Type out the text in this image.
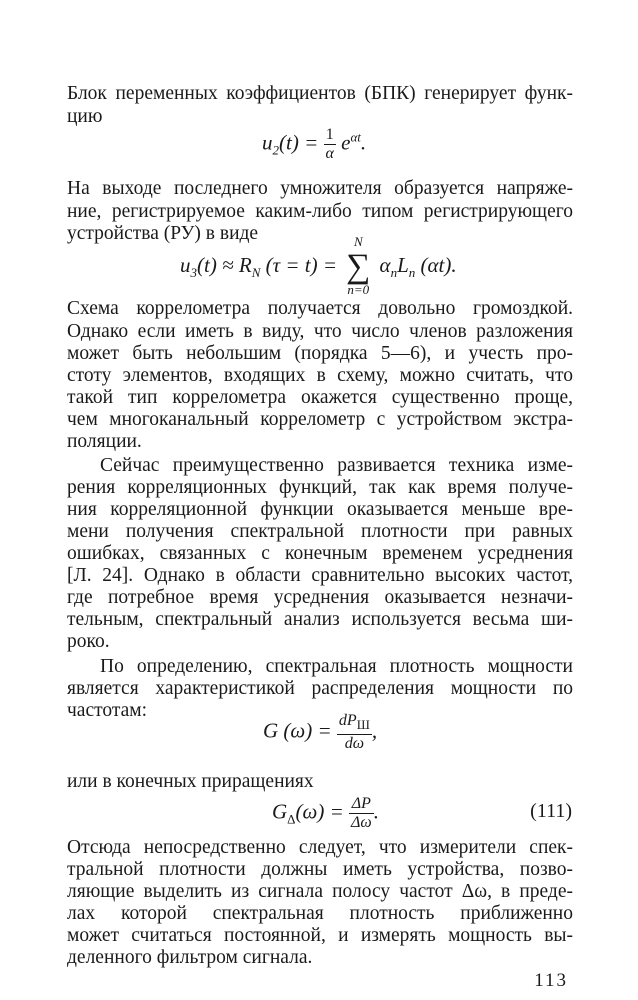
Блок переменных коэффициентов (БПК) генерирует функ-
цию
$u_2(t) = \frac{1}{\alpha} e^{\alpha t}$.
На выходе последнего умножителя образуется напряже-
ние, регистрируемое каким-либо типом регистрирующего
устройства (РУ) в виде
$u_3(t) \approx R_N$ (τ = t) =
N
∑
n=0
$\alpha_nL_n$ (αt).
Схема коррелометра получается довольно громоздкой.
Однако если иметь в виду, что число членов разложения
может быть небольшим (порядка 5—6), и учесть про-
стоту элементов, входящих в схему, можно считать, что
такой тип коррелометра окажется существенно проще,
чем многоканальный коррелометр с устройством экстра-
поляции.
Сейчас преимущественно развивается техника изме-
рения корреляционных функций, так как время получе-
ния корреляционной функции оказывается меньше вре-
мени получения спектральной плотности при равных
ошибках, связанных с конечным временем усреднения
[Л. 24]. Однако в области сравнительно высоких частот,
где потребное время усреднения оказывается незначи-
тельным, спектральный анализ используется весьма ши-
роко.
По определению, спектральная плотность мощности
является характеристикой распределения мощности по
частотам:
G $(\omega) = \frac{dP_Ш}{d\omega}$ ,
или в конечных приращениях
$G_\Delta(\omega) = \frac{\Delta P}{\Delta\omega}$ .	(111)
Отсюда непосредственно следует, что измерители спек-
тральной плотности должны иметь устройства, позво-
ляющие выделить из сигнала полосу частот Δω, в преде-
лах которой спектральная плотность приближенно
может считаться постоянной, и измерять мощность вы-
деленного фильтром сигнала.
113
